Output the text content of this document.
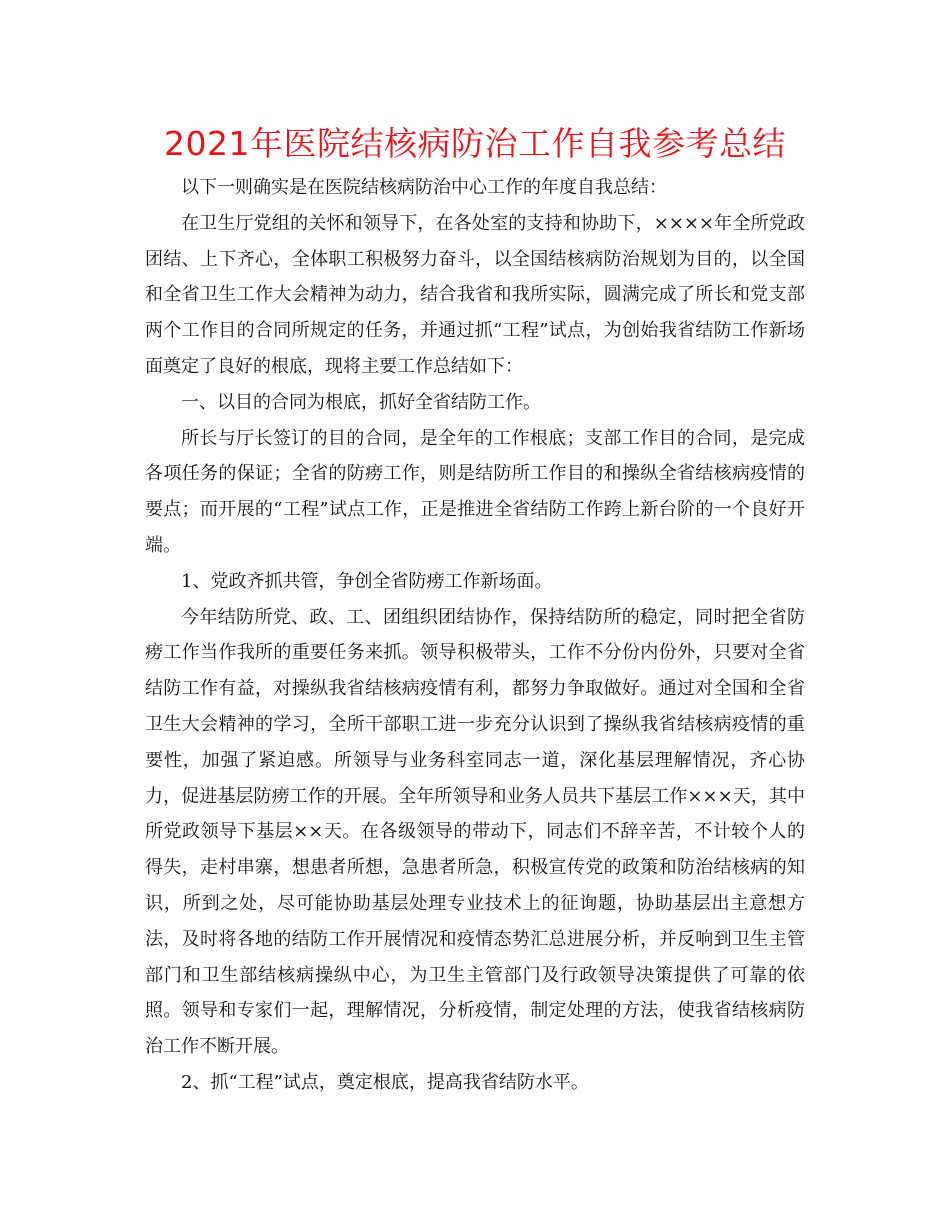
2021年医院结核病防治工作自我参考总结

以下一则确实是在医院结核病防治中心工作的年度自我总结：

在卫生厅党组的关怀和领导下，在各处室的支持和协助下，××××年全所党政团结、上下齐心，全体职工积极努力奋斗，以全国结核病防治规划为目的，以全国和全省卫生工作大会精神为动力，结合我省和我所实际，圆满完成了所长和党支部两个工作目的合同所规定的任务，并通过抓“工程”试点，为创始我省结防工作新场面奠定了良好的根底，现将主要工作总结如下：

一、以目的合同为根底，抓好全省结防工作。

所长与厅长签订的目的合同，是全年的工作根底；支部工作目的合同，是完成各项任务的保证；全省的防痨工作，则是结防所工作目的和操纵全省结核病疫情的要点；而开展的“工程”试点工作，正是推进全省结防工作跨上新台阶的一个良好开端。

1、党政齐抓共管，争创全省防痨工作新场面。

今年结防所党、政、工、团组织团结协作，保持结防所的稳定，同时把全省防痨工作当作我所的重要任务来抓。领导积极带头，工作不分份内份外，只要对全省结防工作有益，对操纵我省结核病疫情有利，都努力争取做好。通过对全国和全省卫生大会精神的学习，全所干部职工进一步充分认识到了操纵我省结核病疫情的重要性，加强了紧迫感。所领导与业务科室同志一道，深化基层理解情况，齐心协力，促进基层防痨工作的开展。全年所领导和业务人员共下基层工作×××天，其中所党政领导下基层××天。在各级领导的带动下，同志们不辞辛苦，不计较个人的得失，走村串寨，想患者所想，急患者所急，积极宣传党的政策和防治结核病的知识，所到之处，尽可能协助基层处理专业技术上的征询题，协助基层出主意想方法，及时将各地的结防工作开展情况和疫情态势汇总进展分析，并反响到卫生主管部门和卫生部结核病操纵中心，为卫生主管部门及行政领导决策提供了可靠的依照。领导和专家们一起，理解情况，分析疫情，制定处理的方法，使我省结核病防治工作不断开展。

2、抓“工程”试点，奠定根底，提高我省结防水平。
